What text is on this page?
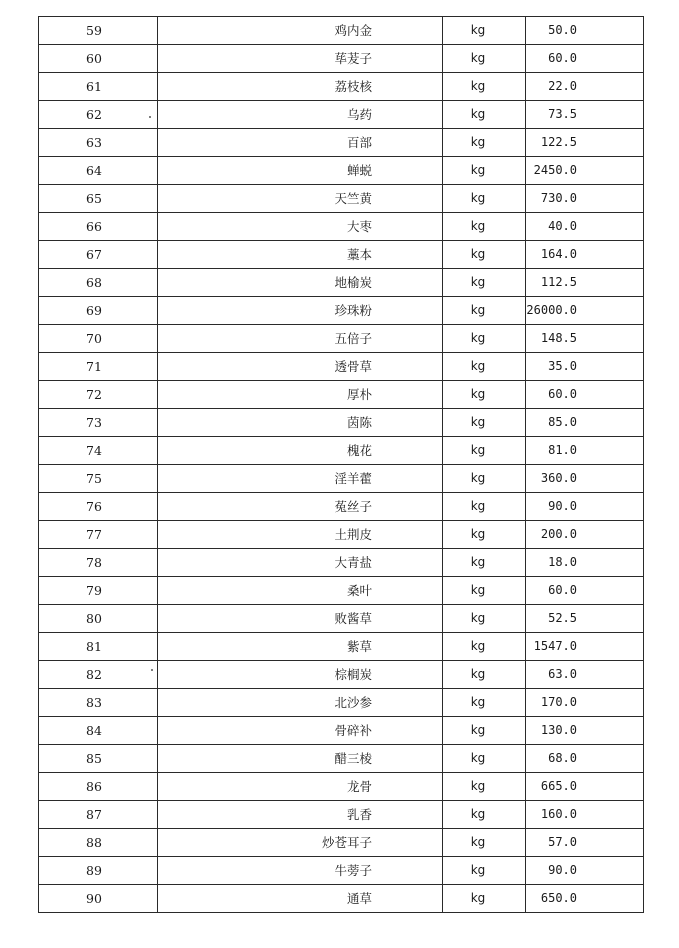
59	鸡内金	kg	50.0
60	荜茇子	kg	60.0
61	荔枝核	kg	22.0
62	乌药	kg	73.5
63	百部	kg	122.5
64	蝉蜕	kg	2450.0
65	天竺黄	kg	730.0
66	大枣	kg	40.0
67	藁本	kg	164.0
68	地榆炭	kg	112.5
69	珍珠粉	kg	26000.0
70	五倍子	kg	148.5
71	透骨草	kg	35.0
72	厚朴	kg	60.0
73	茵陈	kg	85.0
74	槐花	kg	81.0
75	淫羊藿	kg	360.0
76	菟丝子	kg	90.0
77	土荆皮	kg	200.0
78	大青盐	kg	18.0
79	桑叶	kg	60.0
80	败酱草	kg	52.5
81	紫草	kg	1547.0
82	棕榈炭	kg	63.0
83	北沙参	kg	170.0
84	骨碎补	kg	130.0
85	醋三棱	kg	68.0
86	龙骨	kg	665.0
87	乳香	kg	160.0
88	炒苍耳子	kg	57.0
89	牛蒡子	kg	90.0
90	通草	kg	650.0
